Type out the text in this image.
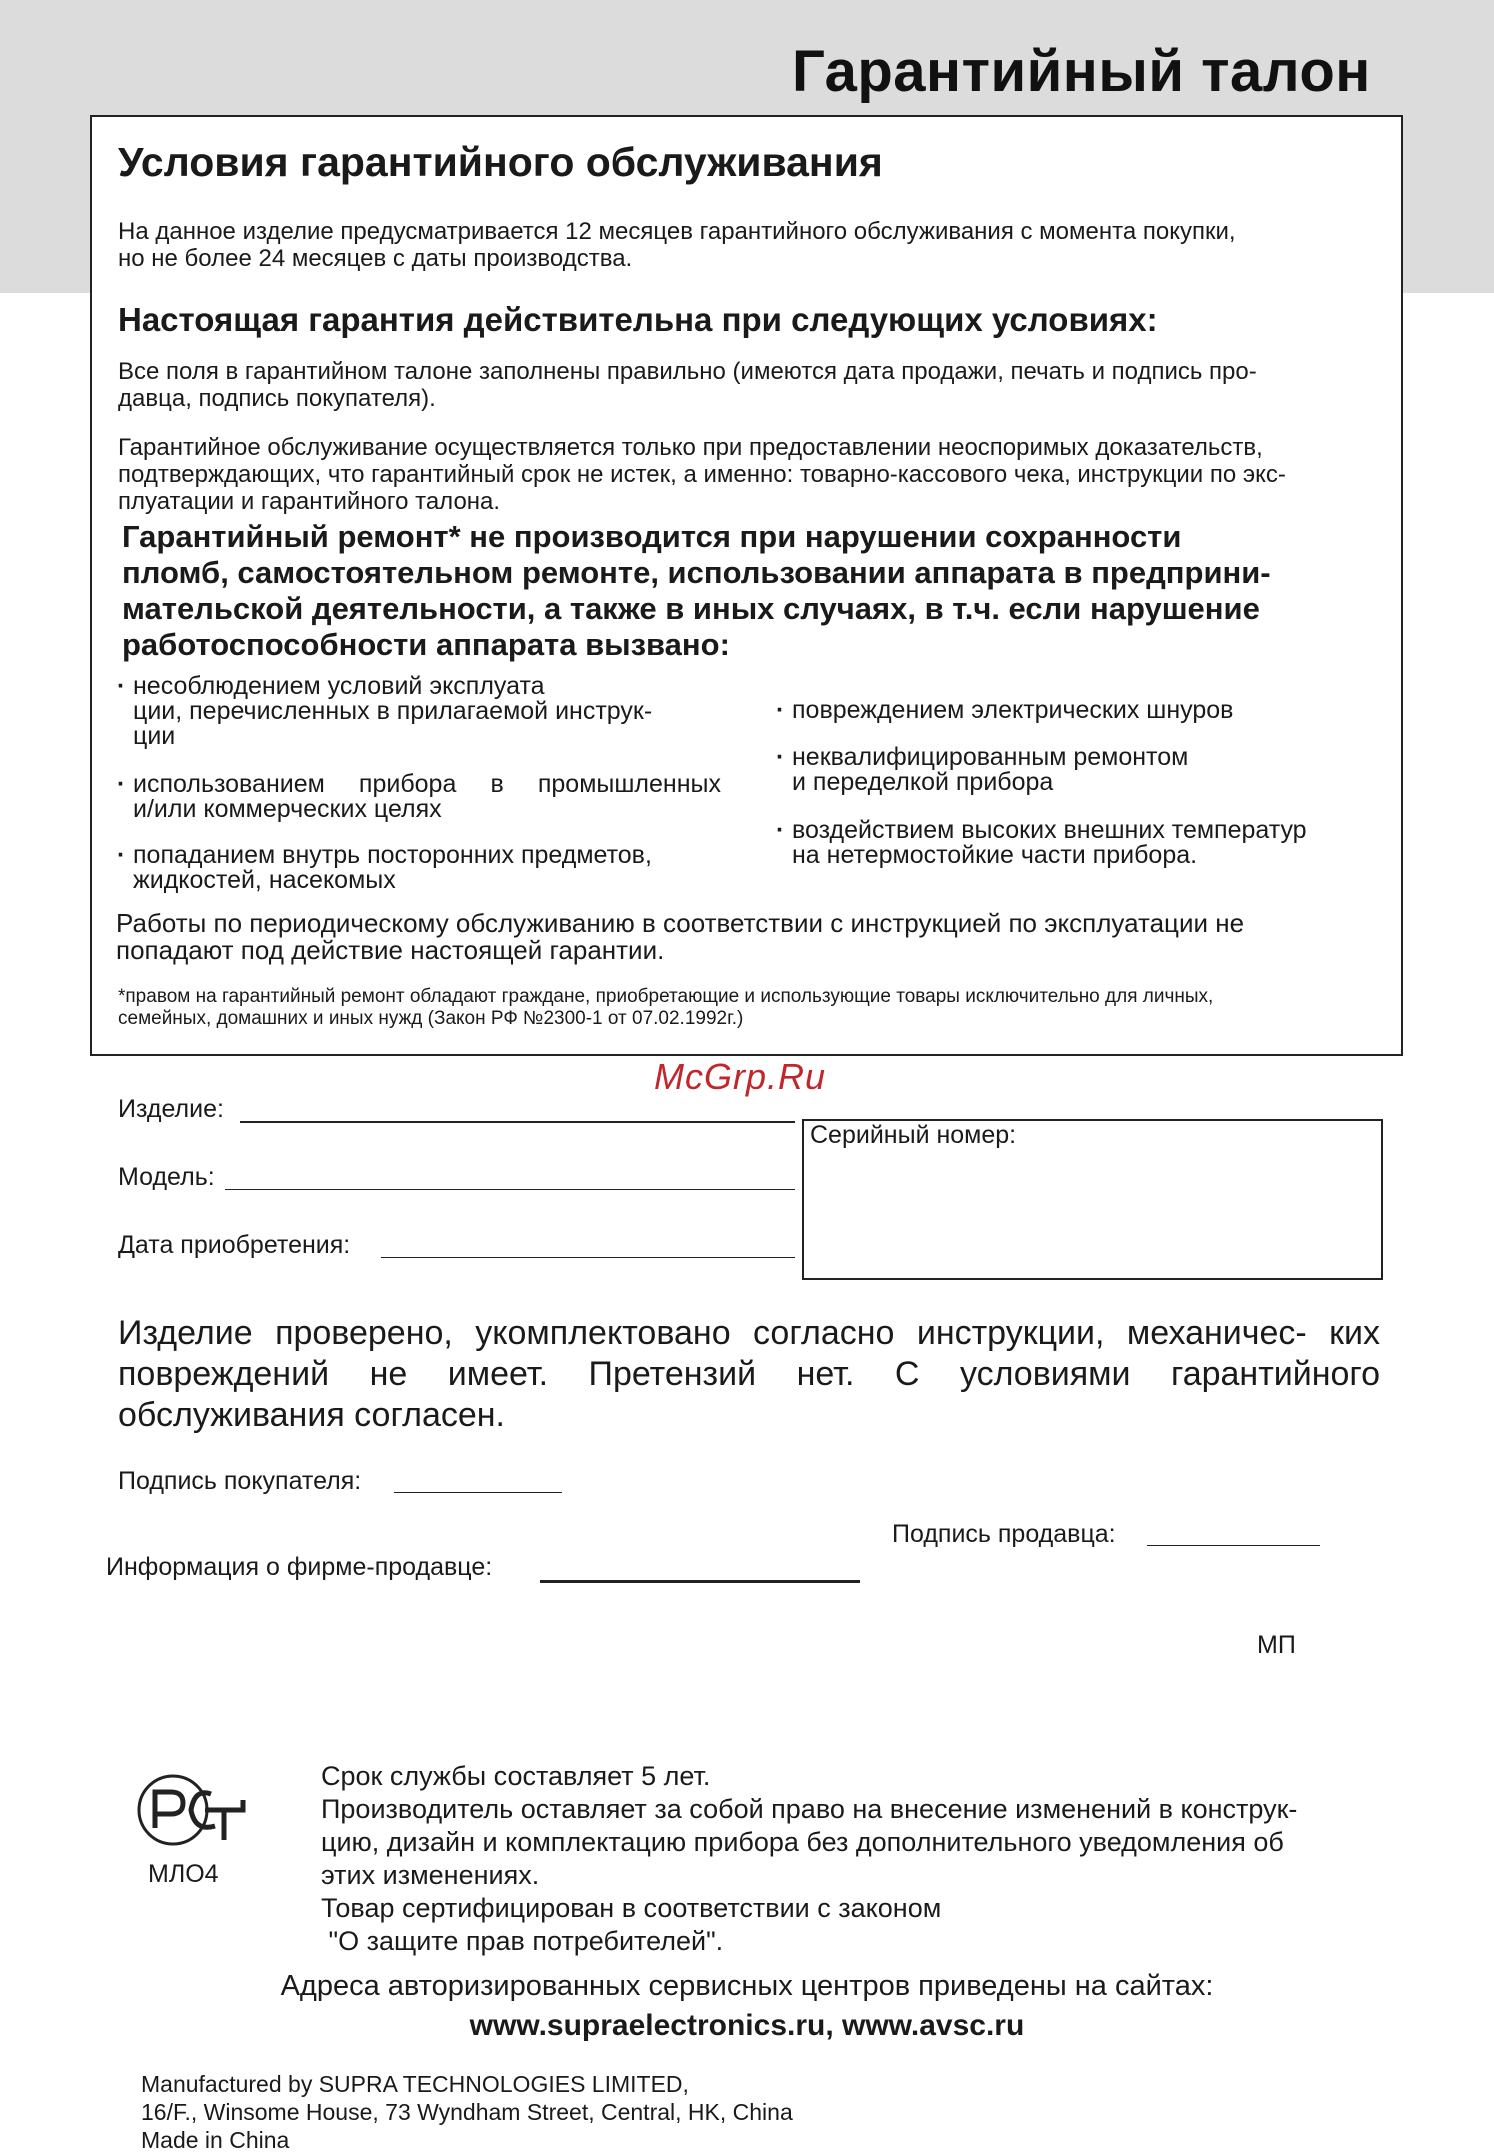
Гарантийный талон
Условия гарантийного обслуживания
На данное изделие предусматривается 12 месяцев гарантийного обслуживания с момента покупки,
но не более 24 месяцев с даты производства.
Настоящая гарантия действительна при следующих условиях:
Все поля в гарантийном талоне заполнены правильно (имеются дата продажи, печать и подпись про-
давца, подпись покупателя).
Гарантийное обслуживание осуществляется только при предоставлении неоспоримых доказательств,
подтверждающих, что гарантийный срок не истек, а именно: товарно-кассового чека, инструкции по экс-
плуатации и гарантийного талона.
Гарантийный ремонт* не производится при нарушении сохранности
пломб, самостоятельном ремонте, использовании аппарата в предприни-
мательской деятельности, а также в иных случаях, в т.ч. если нарушение
работоспособности аппарата вызвано:
· несоблюдением условий эксплуата
ции, перечисленных в прилагаемой инструк-
ции
· использованием прибора в промышленных
и/или коммерческих целях
· попаданием внутрь посторонних предметов,
жидкостей, насекомых
· повреждением электрических шнуров
· неквалифицированным ремонтом
и переделкой прибора
· воздействием высоких внешних температур
на нетермостойкие части прибора.
Работы по периодическому обслуживанию в соответствии с инструкцией по эксплуатации не
попадают под действие настоящей гарантии.
*правом на гарантийный ремонт обладают граждане, приобретающие и использующие товары исключительно для личных,
семейных, домашних и иных нужд (Закон РФ №2300-1 от 07.02.1992г.)
McGrp.Ru
Изделие:
Модель:
Дата приобретения:
Серийный номер:
Изделие проверено, укомплектовано согласно инструкции, механичес- ких повреждений не имеет. Претензий нет. С условиями гарантийного обслуживания согласен.
Подпись покупателя:
Подпись продавца:
Информация о фирме-продавце:
МП
МЛО4
Срок службы составляет 5 лет.
Производитель оставляет за собой право на внесение изменений в конструк-
цию, дизайн и комплектацию прибора без дополнительного уведомления об
этих изменениях.
Товар сертифицирован в соответствии с законом
"О защите прав потребителей".
Адреса авторизированных сервисных центров приведены на сайтах:
www.supraelectronics.ru, www.avsc.ru
Manufactured by SUPRA TECHNOLOGIES LIMITED,
16/F., Winsome House, 73 Wyndham Street, Central, HK, China
Made in China
